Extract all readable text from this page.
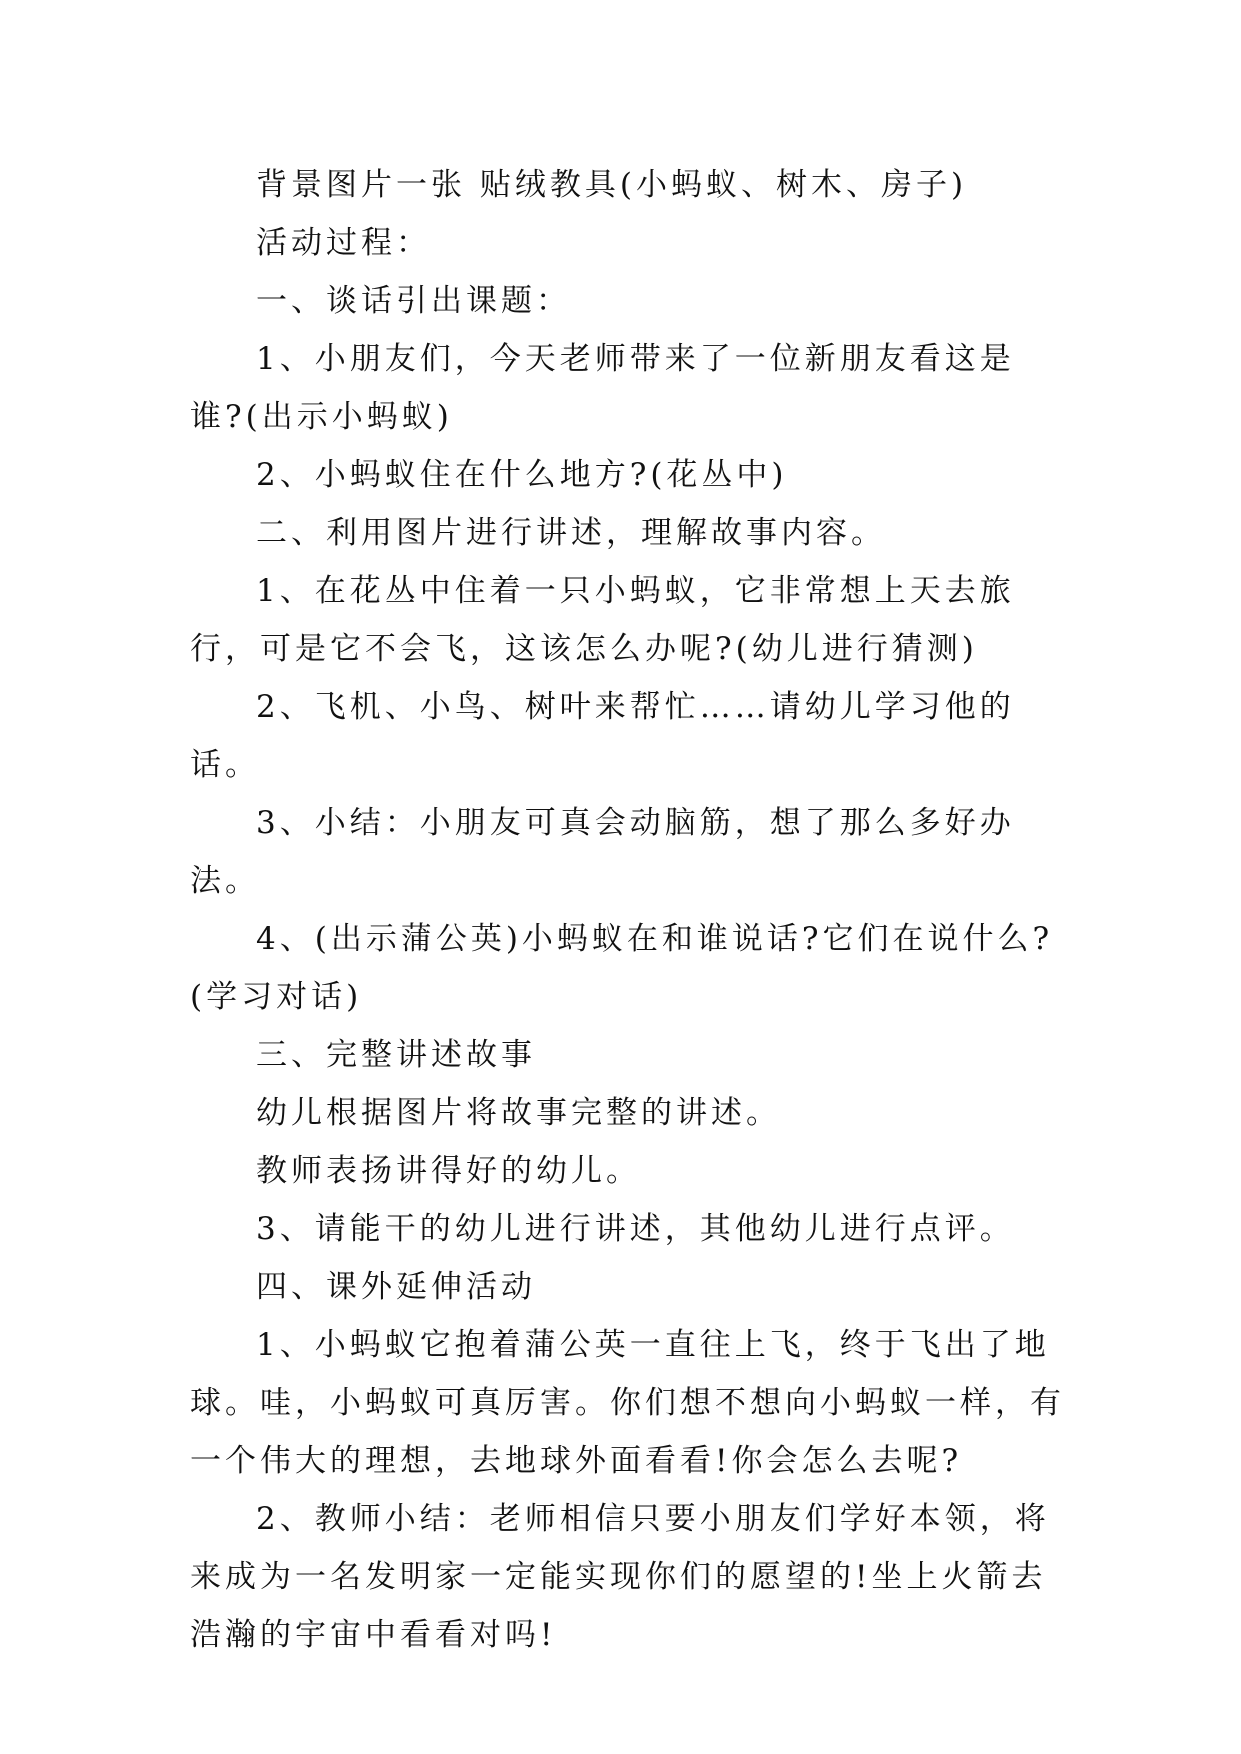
背景图片一张 贴绒教具(小蚂蚁、树木、房子)

活动过程：

一、谈话引出课题：

1、小朋友们，今天老师带来了一位新朋友看这是谁?(出示小蚂蚁)

2、小蚂蚁住在什么地方?(花丛中)

二、利用图片进行讲述，理解故事内容。

1、在花丛中住着一只小蚂蚁，它非常想上天去旅行，可是它不会飞，这该怎么办呢?(幼儿进行猜测)

2、飞机、小鸟、树叶来帮忙……请幼儿学习他的话。

3、小结：小朋友可真会动脑筋，想了那么多好办法。

4、(出示蒲公英)小蚂蚁在和谁说话?它们在说什么?(学习对话)

三、完整讲述故事

幼儿根据图片将故事完整的讲述。

教师表扬讲得好的幼儿。

3、请能干的幼儿进行讲述，其他幼儿进行点评。

四、课外延伸活动

1、小蚂蚁它抱着蒲公英一直往上飞，终于飞出了地球。哇，小蚂蚁可真厉害。你们想不想向小蚂蚁一样，有一个伟大的理想，去地球外面看看!你会怎么去呢?

2、教师小结：老师相信只要小朋友们学好本领，将来成为一名发明家一定能实现你们的愿望的!坐上火箭去浩瀚的宇宙中看看对吗!
